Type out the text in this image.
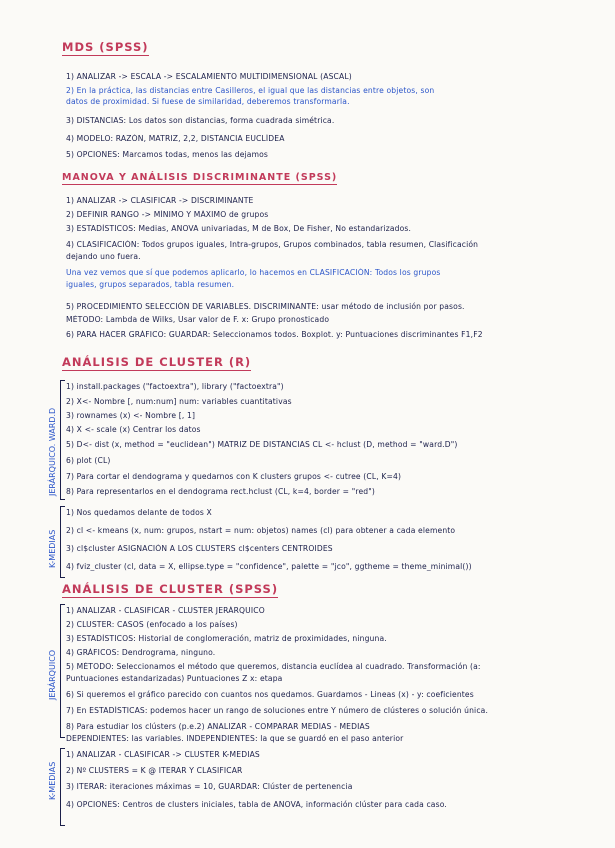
MDS (SPSS)
1) ANALIZAR -> ESCALA -> ESCALAMIENTO MULTIDIMENSIONAL (ASCAL)
2) En la práctica, las distancias entre Casilleros, el igual que las distancias entre objetos, son
datos de proximidad. Si fuese de similaridad, deberemos transformarla.
3) DISTANCIAS: Los datos son distancias, forma cuadrada simétrica.
4) MODELO: RAZÓN, MATRIZ, 2,2, DISTANCIA EUCLÍDEA
5) OPCIONES: Marcamos todas, menos las dejamos
MANOVA Y ANÁLISIS DISCRIMINANTE (SPSS)
1) ANALIZAR -> CLASIFICAR -> DISCRIMINANTE
2) DEFINIR RANGO -> MÍNIMO Y MÁXIMO de grupos
3) ESTADÍSTICOS: Medias, ANOVA univariadas, M de Box, De Fisher, No estandarizados.
4) CLASIFICACIÓN: Todos grupos iguales, Intra-grupos, Grupos combinados, tabla resumen, Clasificación
dejando uno fuera.
Una vez vemos que sí que podemos aplicarlo, lo hacemos en CLASIFICACIÓN: Todos los grupos
iguales, grupos separados, tabla resumen.
5) PROCEDIMIENTO SELECCIÓN DE VARIABLES. DISCRIMINANTE: usar método de inclusión por pasos.
MÉTODO: Lambda de Wilks, Usar valor de F. x: Grupo pronosticado
6) PARA HACER GRÁFICO: GUARDAR: Seleccionamos todos. Boxplot. y: Puntuaciones discriminantes F1,F2
ANÁLISIS DE CLUSTER (R)
JERÁRQUICO. WARD.D
1) install.packages ("factoextra"), library ("factoextra")
2) X<- Nombre [, num:num] num: variables cuantitativas
3) rownames (x) <- Nombre [, 1]
4) X <- scale (x) Centrar los datos
5) D<- dist (x, method = "euclidean") MATRIZ DE DISTANCIAS CL <- hclust (D, method = "ward.D")
6) plot (CL)
7) Para cortar el dendograma y quedarnos con K clusters grupos <- cutree (CL, K=4)
8) Para representarlos en el dendograma rect.hclust (CL, k=4, border = "red")
K-MEDIAS
1) Nos quedamos delante de todos X
2) cl <- kmeans (x, num: grupos, nstart = num: objetos) names (cl) para obtener a cada elemento
3) cl$cluster ASIGNACIÓN A LOS CLUSTERS cl$centers CENTROIDES
4) fviz_cluster (cl, data = X, ellipse.type = "confidence", palette = "jco", ggtheme = theme_minimal())
ANÁLISIS DE CLUSTER (SPSS)
JERÁRQUICO
1) ANALIZAR - CLASIFICAR - CLUSTER JERÁRQUICO
2) CLUSTER: CASOS (enfocado a los países)
3) ESTADÍSTICOS: Historial de conglomeración, matriz de proximidades, ninguna.
4) GRÁFICOS: Dendrograma, ninguno.
5) MÉTODO: Seleccionamos el método que queremos, distancia euclídea al cuadrado. Transformación (a:
Puntuaciones estandarizadas) Puntuaciones Z x: etapa
6) Si queremos el gráfico parecido con cuantos nos quedamos. Guardamos - Lineas (x) - y: coeficientes
7) En ESTADÍSTICAS: podemos hacer un rango de soluciones entre Y número de clústeres o solución única.
8) Para estudiar los clústers (p.e.2) ANALIZAR - COMPARAR MEDIAS - MEDIAS
DEPENDIENTES: las variables. INDEPENDIENTES: la que se guardó en el paso anterior
K-MEDIAS
1) ANALIZAR - CLASIFICAR -> CLUSTER K-MEDIAS
2) Nº CLUSTERS = K @ ITERAR Y CLASIFICAR
3) ITERAR: iteraciones máximas = 10, GUARDAR: Clúster de pertenencia
4) OPCIONES: Centros de clusters iniciales, tabla de ANOVA, información clúster para cada caso.
